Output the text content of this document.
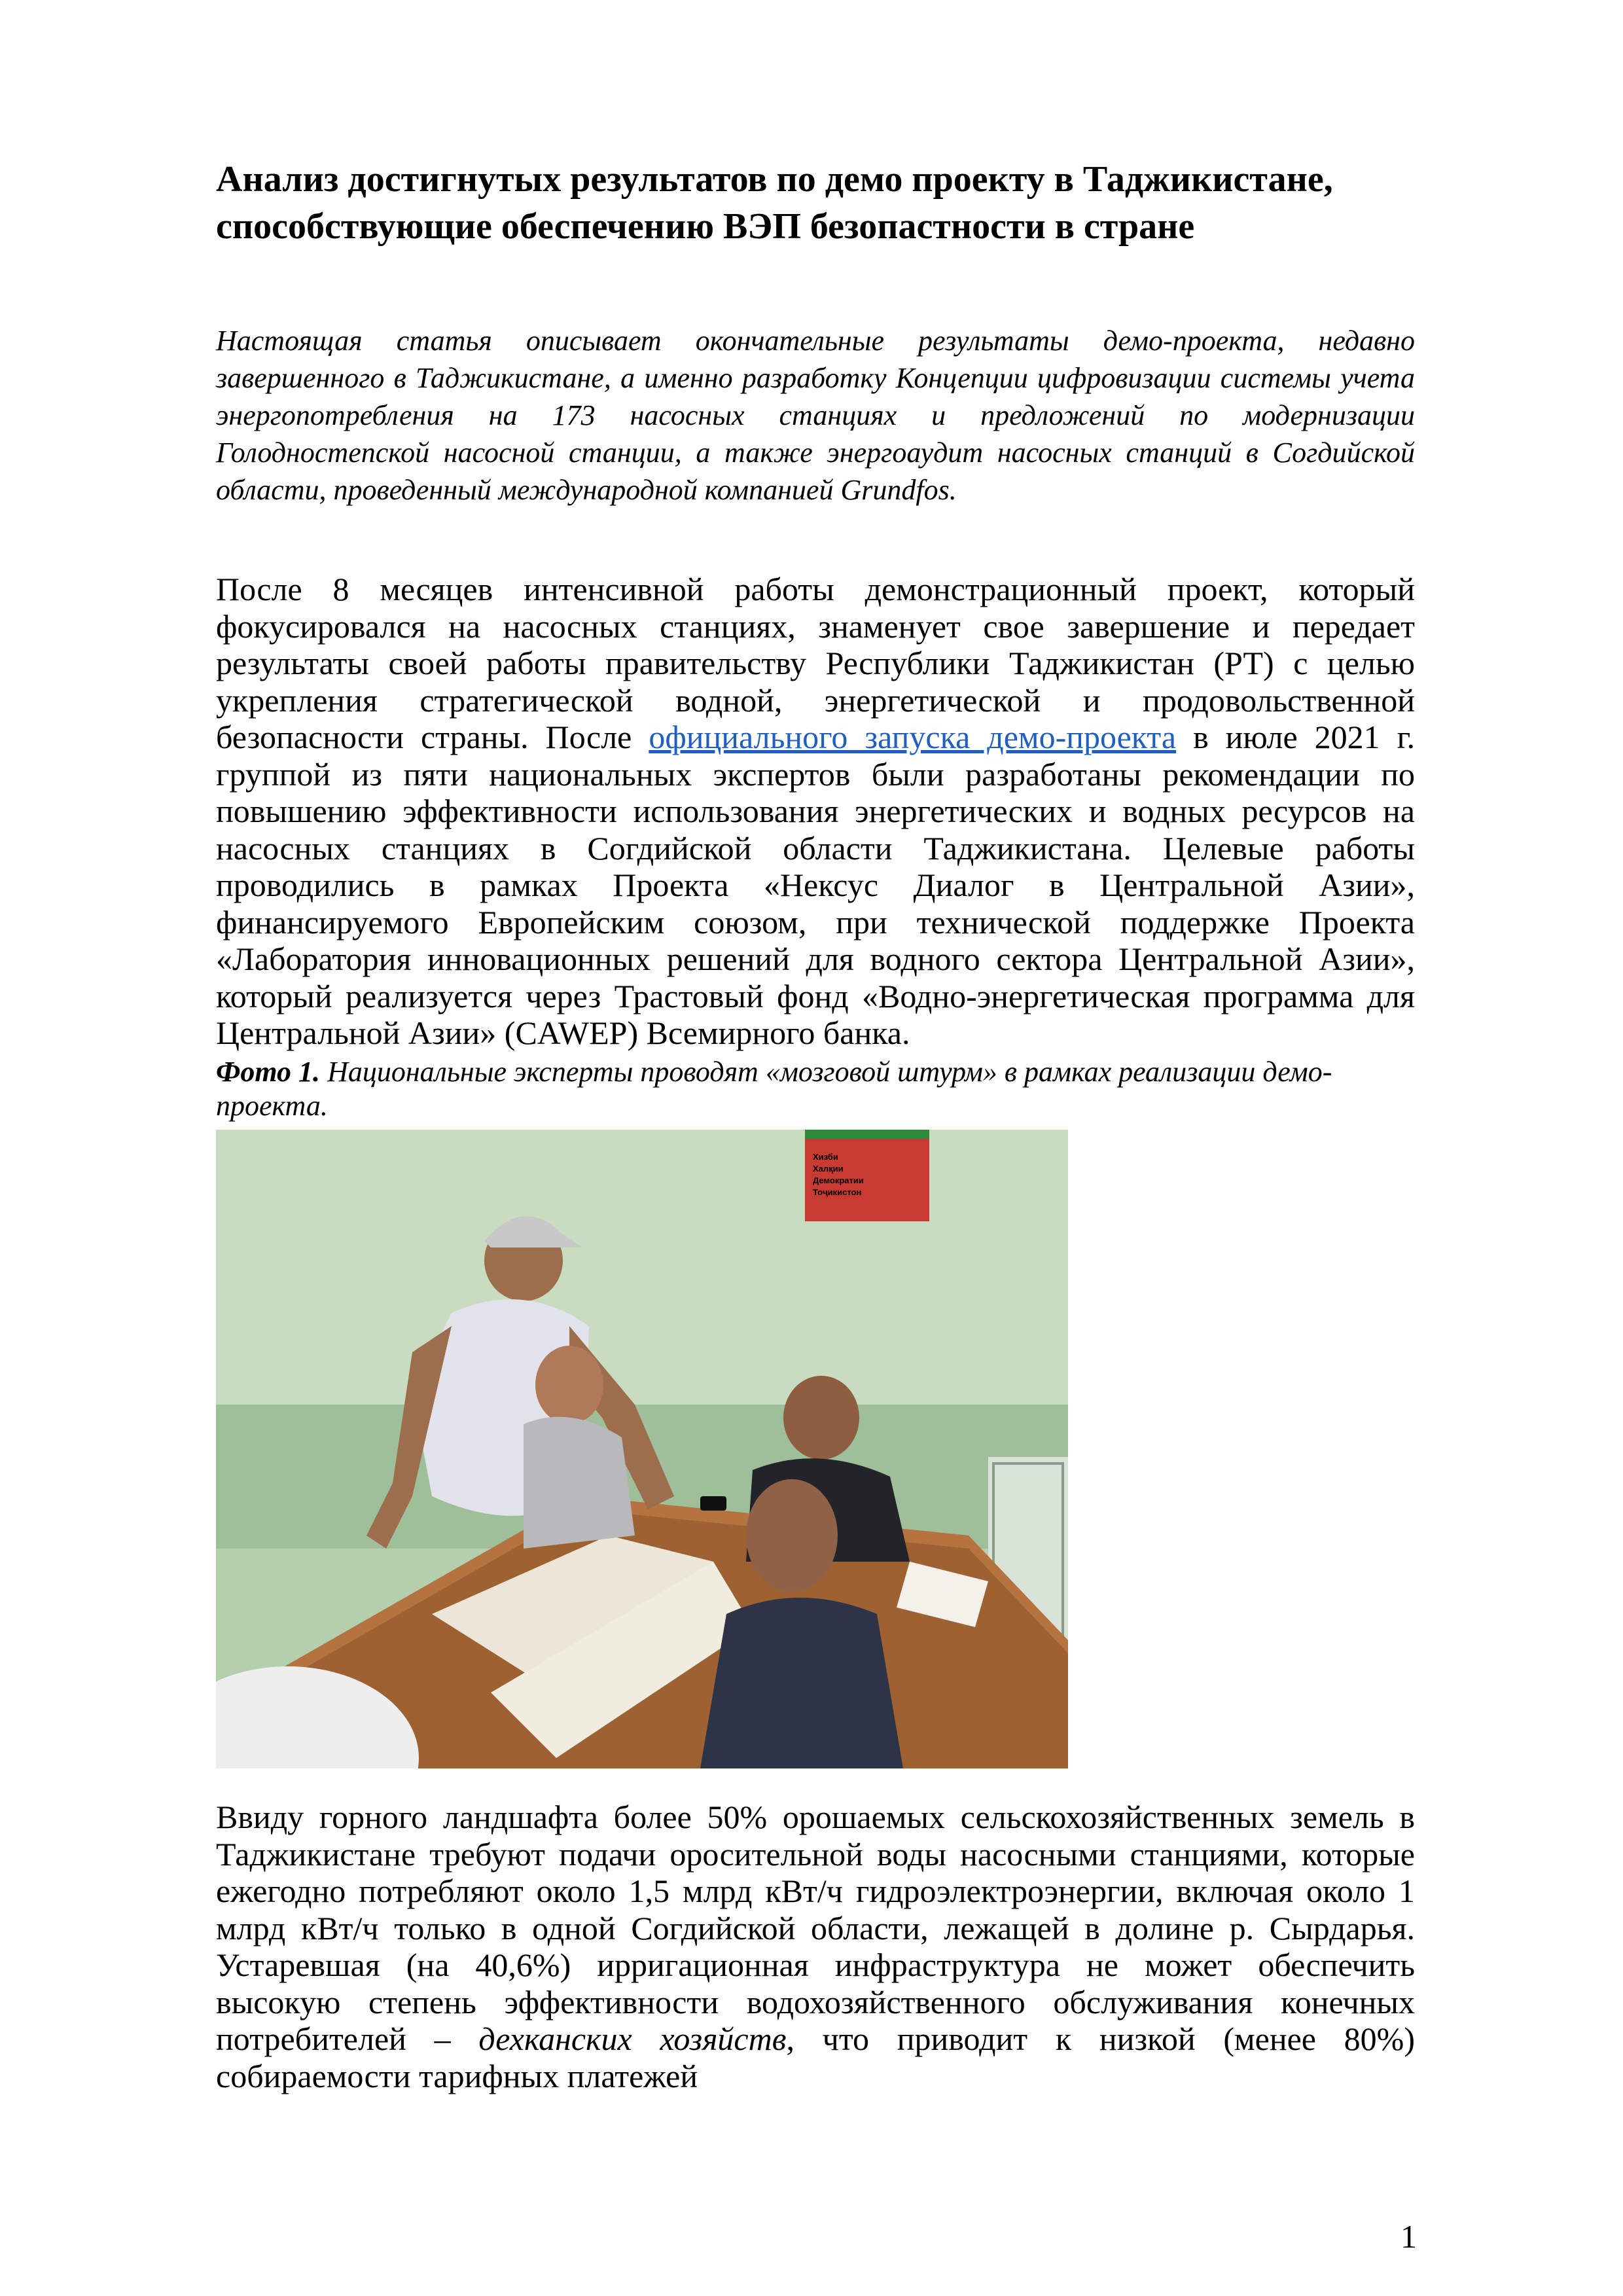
Анализ достигнутых результатов по демо проекту в Таджикистане, способствующие обеспечению ВЭП безопастности в стране

Настоящая статья описывает окончательные результаты демо-проекта, недавно завершенного в Таджикистане, а именно разработку Концепции цифровизации системы учета энергопотребления на 173 насосных станциях и предложений по модернизации Голодностепской насосной станции, а также энергоаудит насосных станций в Согдийской области, проведенный международной компанией Grundfos.

После 8 месяцев интенсивной работы демонстрационный проект, который фокусировался на насосных станциях, знаменует свое завершение и передает результаты своей работы правительству Республики Таджикистан (РТ) с целью укрепления стратегической водной, энергетической и продовольственной безопасности страны. После официального запуска демо-проекта в июле 2021 г. группой из пяти национальных экспертов были разработаны рекомендации по повышению эффективности использования энергетических и водных ресурсов на насосных станциях в Согдийской области Таджикистана. Целевые работы проводились в рамках Проекта «Нексус Диалог в Центральной Азии», финансируемого Европейским союзом, при технической поддержке Проекта «Лаборатория инновационных решений для водного сектора Центральной Азии», который реализуется через Трастовый фонд «Водно-энергетическая программа для Центральной Азии» (CAWEP) Всемирного банка.

Фото 1. Национальные эксперты проводят «мозговой штурм» в рамках реализации демо-проекта.

Хизби
Халқии
Демократии
Тоҷикистон

Ввиду горного ландшафта более 50% орошаемых сельскохозяйственных земель в Таджикистане требуют подачи оросительной воды насосными станциями, которые ежегодно потребляют около 1,5 млрд кВт/ч гидроэлектроэнергии, включая около 1 млрд кВт/ч только в одной Согдийской области, лежащей в долине р. Сырдарья. Устаревшая (на 40,6%) ирригационная инфраструктура не может обеспечить высокую степень эффективности водохозяйственного обслуживания конечных потребителей – дехканских хозяйств, что приводит к низкой (менее 80%) собираемости тарифных платежей

1
